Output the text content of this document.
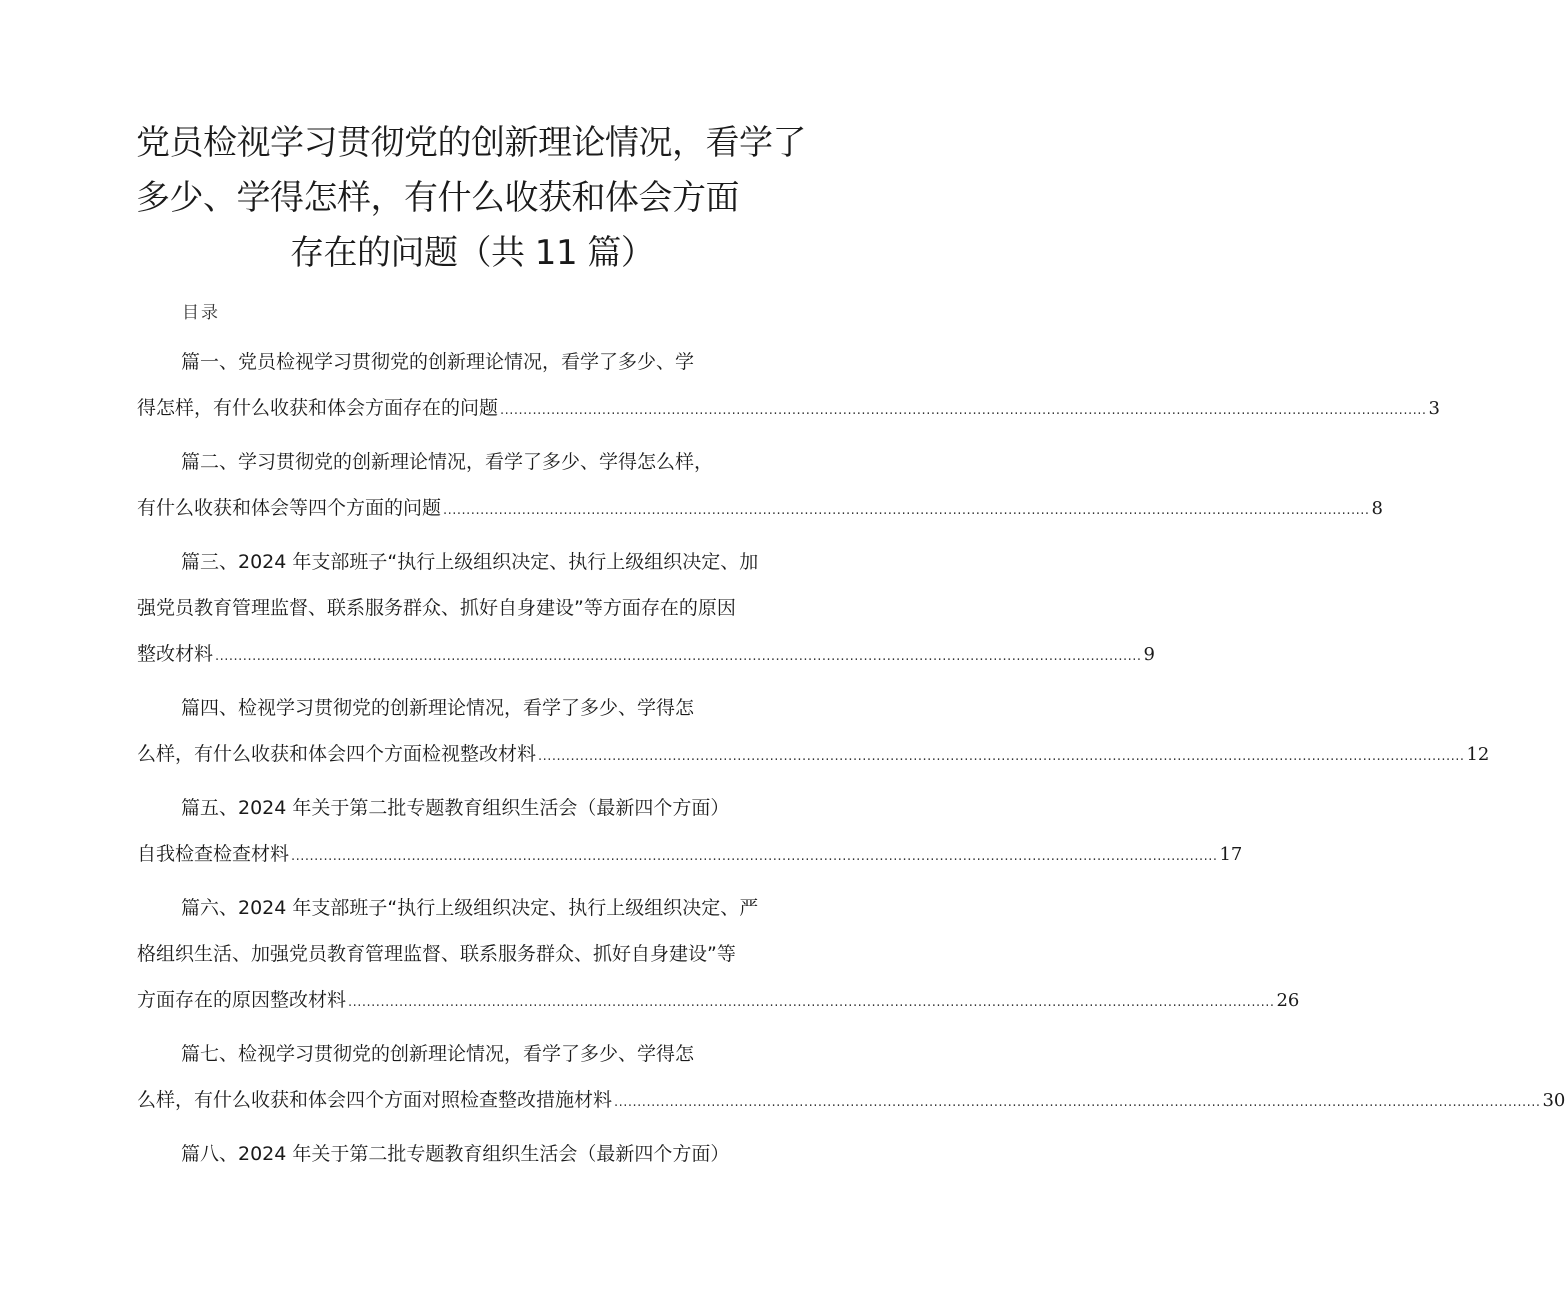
党员检视学习贯彻党的创新理论情况，看学了
多少、学得怎样，有什么收获和体会方面
存在的问题（共 11 篇）
目录
篇一、党员检视学习贯彻党的创新理论情况，看学了多少、学
得怎样，有什么收获和体会方面存在的问题 ........................................................................................................................................................................................................ 3
篇二、学习贯彻党的创新理论情况，看学了多少、学得怎么样，
有什么收获和体会等四个方面的问题 ........................................................................................................................................................................................................ 8
篇三、2024 年支部班子“执行上级组织决定、执行上级组织决定、加
强党员教育管理监督、联系服务群众、抓好自身建设”等方面存在的原因
整改材料 ........................................................................................................................................................................................................ 9
篇四、检视学习贯彻党的创新理论情况，看学了多少、学得怎
么样，有什么收获和体会四个方面检视整改材料 ........................................................................................................................................................................................................ 12
篇五、2024 年关于第二批专题教育组织生活会（最新四个方面）
自我检查检查材料 ........................................................................................................................................................................................................ 17
篇六、2024 年支部班子“执行上级组织决定、执行上级组织决定、严
格组织生活、加强党员教育管理监督、联系服务群众、抓好自身建设”等
方面存在的原因整改材料 ........................................................................................................................................................................................................ 26
篇七、检视学习贯彻党的创新理论情况，看学了多少、学得怎
么样，有什么收获和体会四个方面对照检查整改措施材料 ........................................................................................................................................................................................................ 30
篇八、2024 年关于第二批专题教育组织生活会（最新四个方面）
